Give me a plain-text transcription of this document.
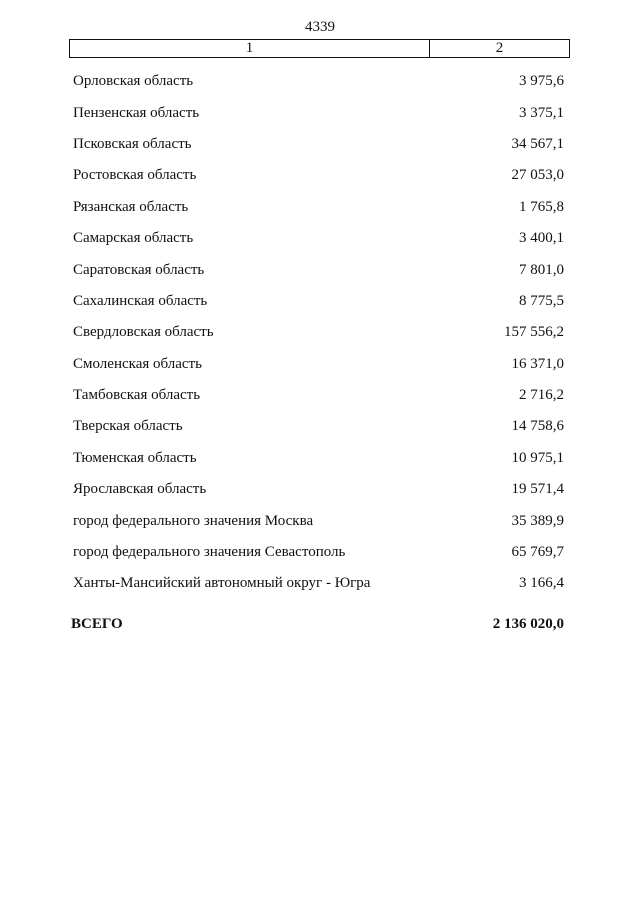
4339
1	2
Орловская область	3 975,6
Пензенская область	3 375,1
Псковская область	34 567,1
Ростовская область	27 053,0
Рязанская область	1 765,8
Самарская область	3 400,1
Саратовская область	7 801,0
Сахалинская область	8 775,5
Свердловская область	157 556,2
Смоленская область	16 371,0
Тамбовская область	2 716,2
Тверская область	14 758,6
Тюменская область	10 975,1
Ярославская область	19 571,4
город федерального значения Москва	35 389,9
город федерального значения Севастополь	65 769,7
Ханты-Мансийский автономный округ - Югра	3 166,4
ВСЕГО	2 136 020,0
